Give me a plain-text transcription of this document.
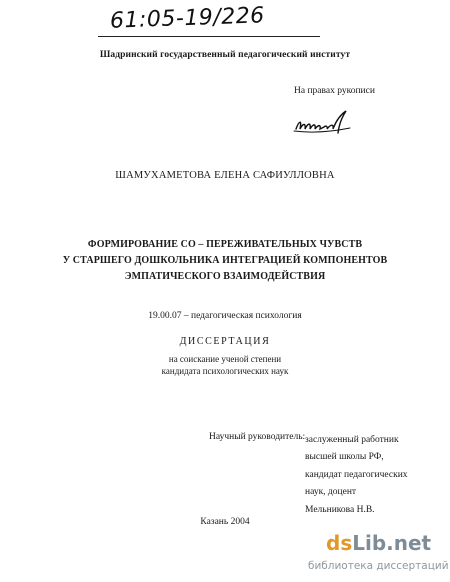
61:05-19/226
Шадринский государственный педагогический институт
На правах рукописи
ШАМУХАМЕТОВА ЕЛЕНА САФИУЛЛОВНА
ФОРМИРОВАНИЕ СО – ПЕРЕЖИВАТЕЛЬНЫХ ЧУВСТВ
У СТАРШЕГО ДОШКОЛЬНИКА ИНТЕГРАЦИЕЙ КОМПОНЕНТОВ
ЭМПАТИЧЕСКОГО ВЗАИМОДЕЙСТВИЯ
19.00.07 – педагогическая психология
ДИССЕРТАЦИЯ
на соискание ученой степени
кандидата психологических наук
Научный руководитель: заслуженный работник
высшей школы РФ,
кандидат педагогических
наук, доцент
Мельникова Н.В.
Казань 2004
dsLib.net
библиотека диссертаций
